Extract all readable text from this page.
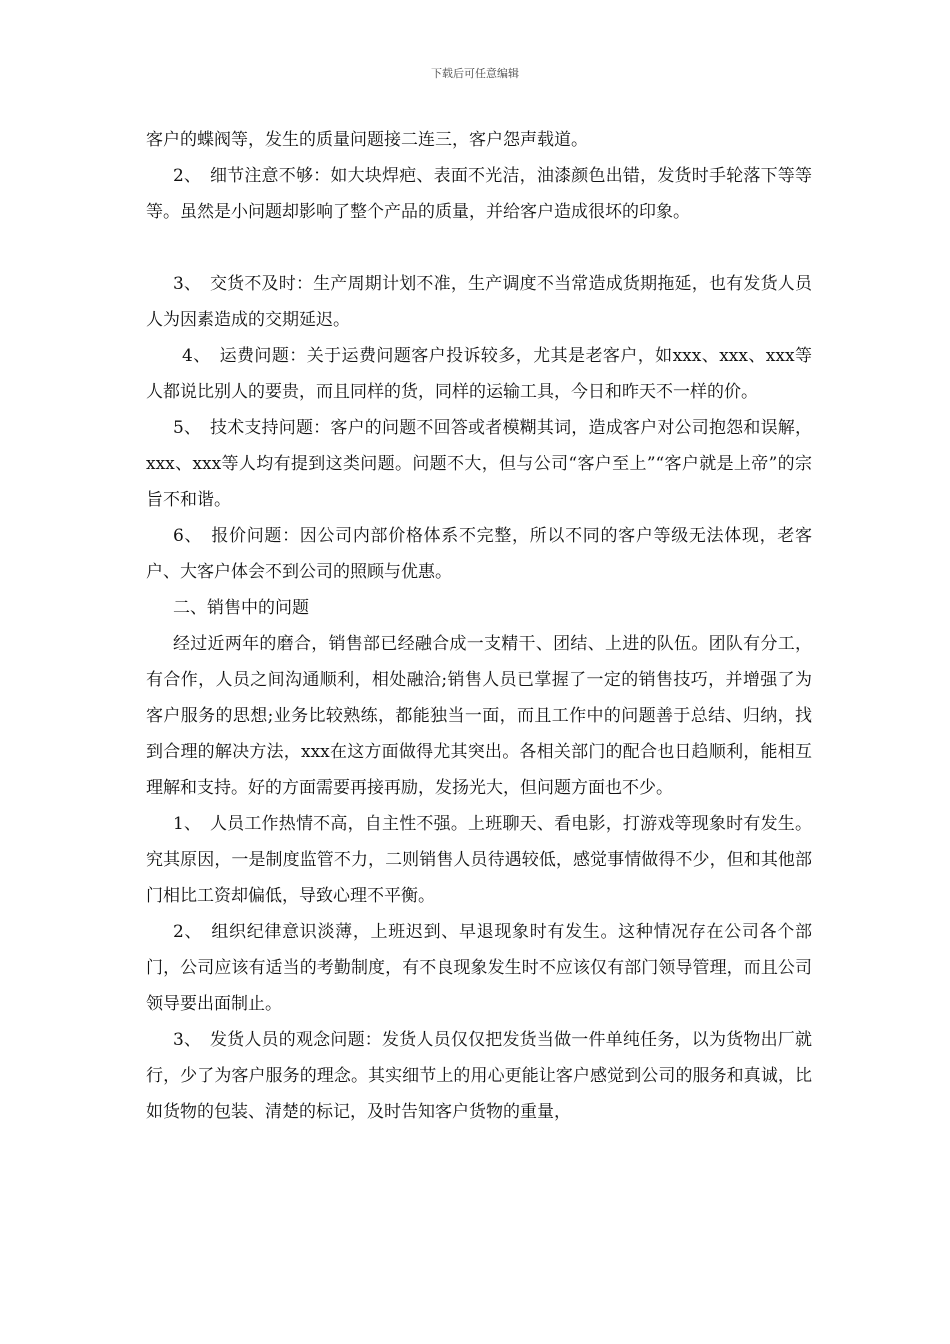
下载后可任意编辑

客户的蝶阀等，发生的质量问题接二连三，客户怨声载道。

2、　细节注意不够：如大块焊疤、表面不光洁，油漆颜色出错，发货时手轮落下等等等。虽然是小问题却影响了整个产品的质量，并给客户造成很坏的印象。

3、　交货不及时：生产周期计划不准，生产调度不当常造成货期拖延，也有发货人员人为因素造成的交期延迟。

4、　运费问题：关于运费问题客户投诉较多，尤其是老客户，如xxx、xxx、xxx等人都说比别人的要贵，而且同样的货，同样的运输工具，今日和昨天不一样的价。

5、　技术支持问题：客户的问题不回答或者模糊其词，造成客户对公司抱怨和误解，xxx、xxx等人均有提到这类问题。问题不大，但与公司“客户至上”“客户就是上帝”的宗旨不和谐。

6、　报价问题：因公司内部价格体系不完整，所以不同的客户等级无法体现，老客户、大客户体会不到公司的照顾与优惠。

二、销售中的问题

经过近两年的磨合，销售部已经融合成一支精干、团结、上进的队伍。团队有分工，有合作，人员之间沟通顺利，相处融洽;销售人员已掌握了一定的销售技巧，并增强了为客户服务的思想;业务比较熟练，都能独当一面，而且工作中的问题善于总结、归纳，找到合理的解决方法，xxx在这方面做得尤其突出。各相关部门的配合也日趋顺利，能相互理解和支持。好的方面需要再接再励，发扬光大，但问题方面也不少。

1、　人员工作热情不高，自主性不强。上班聊天、看电影，打游戏等现象时有发生。究其原因，一是制度监管不力，二则销售人员待遇较低，感觉事情做得不少，但和其他部门相比工资却偏低，导致心理不平衡。

2、　组织纪律意识淡薄，上班迟到、早退现象时有发生。这种情况存在公司各个部门，公司应该有适当的考勤制度，有不良现象发生时不应该仅有部门领导管理，而且公司领导要出面制止。

3、　发货人员的观念问题：发货人员仅仅把发货当做一件单纯任务，以为货物出厂就行，少了为客户服务的理念。其实细节上的用心更能让客户感觉到公司的服务和真诚，比如货物的包装、清楚的标记，及时告知客户货物的重量，
